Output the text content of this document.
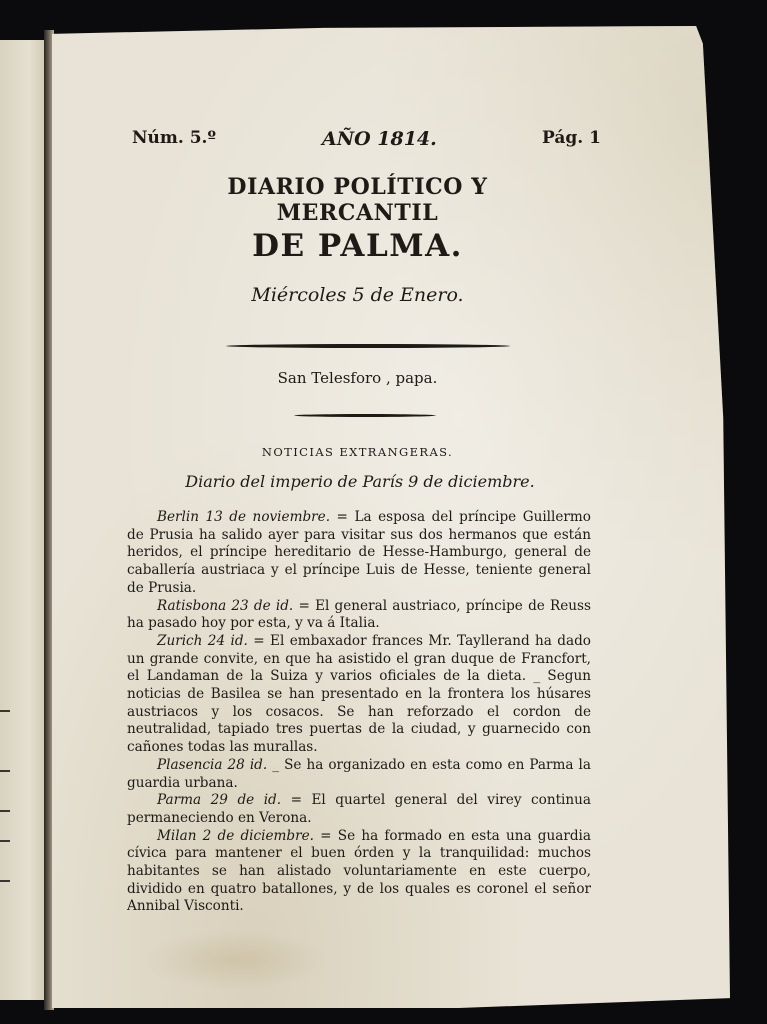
Núm. 5.º	AÑO 1814.	Pág. 1
DIARIO POLÍTICO Y MERCANTIL
DE PALMA.
Miércoles 5 de Enero.
San Telesforo , papa.
NOTICIAS EXTRANGERAS.
Diario del imperio de París 9 de diciembre.

Berlin 13 de noviembre. = La esposa del príncipe Guillermo de Prusia ha salido ayer para visitar sus dos hermanos que están heridos, el príncipe hereditario de Hesse-Hamburgo, general de caballería austriaca y el príncipe Luis de Hesse, teniente general de Prusia.

Ratisbona 23 de id. = El general austriaco, príncipe de Reuss ha pasado hoy por esta, y va á Italia.

Zurich 24 id. = El embaxador frances Mr. Tayllerand ha dado un grande convite, en que ha asistido el gran duque de Francfort, el Landaman de la Suiza y varios oficiales de la dieta. _ Segun noticias de Basilea se han presentado en la frontera los húsares austriacos y los cosacos. Se han reforzado el cordon de neutralidad, tapiado tres puertas de la ciudad, y guarnecido con cañones todas las murallas.

Plasencia 28 id. _ Se ha organizado en esta como en Parma la guardia urbana.

Parma 29 de id. = El quartel general del virey continua permaneciendo en Verona.

Milan 2 de diciembre. = Se ha formado en esta una guardia cívica para mantener el buen órden y la tranquilidad: muchos habitantes se han alistado voluntariamente en este cuerpo, dividido en quatro batallones, y de los quales es coronel el señor Annibal Visconti.
